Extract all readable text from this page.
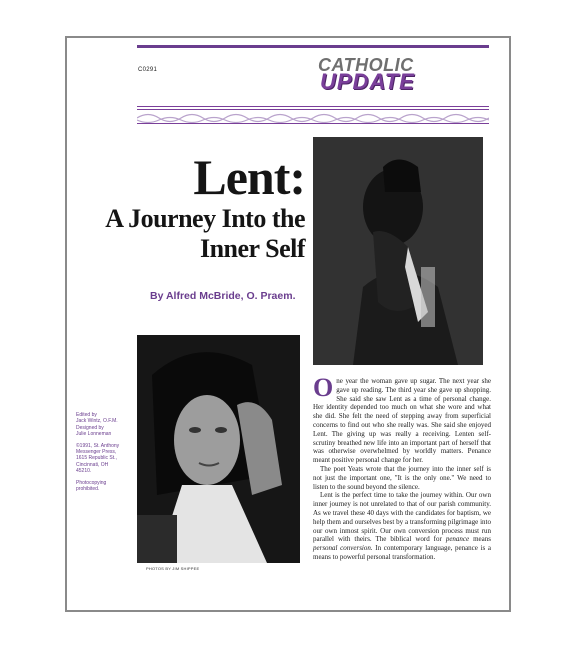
C0291	CATHOLIC
UPDATE
Lent:
A Journey Into the
Inner Self
By Alfred McBride, O. Praem.
PHOTOS BY JIM SHIPPEE

Edited by
Jack Wintz, O.F.M.
Designed by
Julie Lonneman

©1991, St. Anthony
Messenger Press,
1615 Republic St.,
Cincinnati, OH
45210.

Photocopying
prohibited.

One year the woman gave up sugar. The next year she gave up reading. The third year she gave up shopping. She said she saw Lent as a time of personal change. Her identity depended too much on what she wore and what she did. She felt the need of stepping away from superficial concerns to find out who she really was. She said she enjoyed Lent. The giving up was really a receiving. Lenten self-scrutiny breathed new life into an important part of herself that was otherwise overwhelmed by worldly matters. Penance meant positive personal change for her.

The poet Yeats wrote that the journey into the inner self is not just the important one, "It is the only one." We need to listen to the sound beyond the silence.

Lent is the perfect time to take the journey within. Our own inner journey is not unrelated to that of our parish community. As we travel these 40 days with the candidates for baptism, we help them and ourselves best by a transforming pilgrimage into our own inmost spirit. Our own conversion process must run parallel with theirs. The biblical word for penance means personal conversion. In contemporary language, penance is a means to powerful personal transformation.
